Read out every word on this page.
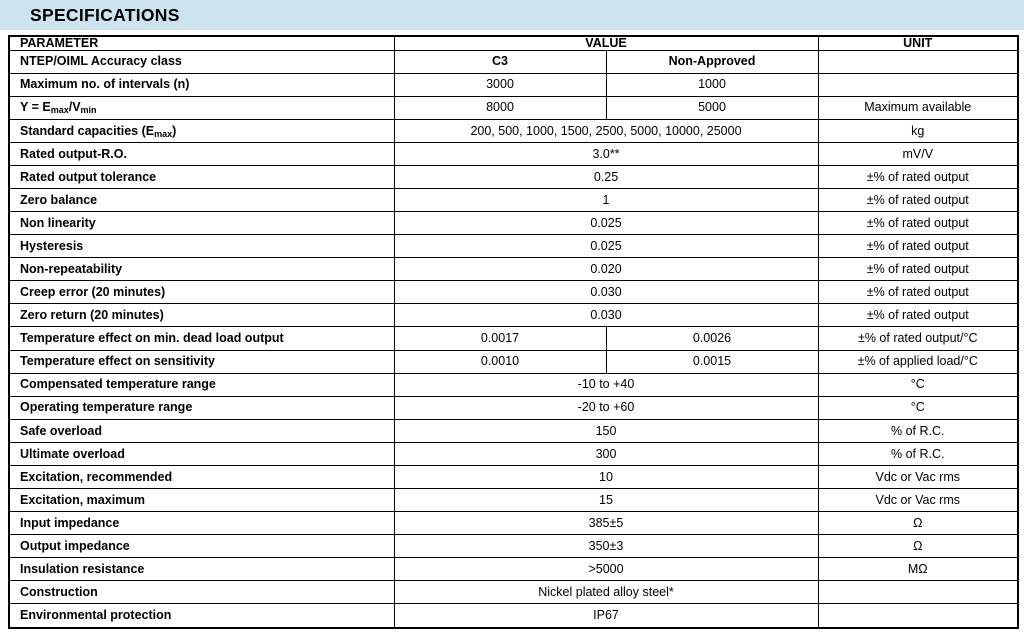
SPECIFICATIONS
PARAMETER	VALUE		UNIT
NTEP/OIML Accuracy class	C3	Non-Approved	
Maximum no. of intervals (n)	3000	1000	
$Y = E_{max}/V_{min}$	8000	5000	Maximum available
Standard capacities $(E_{max})$	200, 500, 1000, 1500, 2500, 5000, 10000, 25000		kg
Rated output-R.O.	3.0**		mV/V
Rated output tolerance	0.25		±% of rated output
Zero balance	1		±% of rated output
Non linearity	0.025		±% of rated output
Hysteresis	0.025		±% of rated output
Non-repeatability	0.020		±% of rated output
Creep error (20 minutes)	0.030		±% of rated output
Zero return (20 minutes)	0.030		±% of rated output
Temperature effect on min. dead load output	0.0017	0.0026	±% of rated output/°C
Temperature effect on sensitivity	0.0010	0.0015	±% of applied load/°C
Compensated temperature range	-10 to +40		°C
Operating temperature range	-20 to +60		°C
Safe overload	150		% of R.C.
Ultimate overload	300		% of R.C.
Excitation, recommended	10		Vdc or Vac rms
Excitation, maximum	15		Vdc or Vac rms
Input impedance	385±5		Ω
Output impedance	350±3		Ω
Insulation resistance	>5000		MΩ
Construction	Nickel plated alloy steel*		
Environmental protection	IP67		
